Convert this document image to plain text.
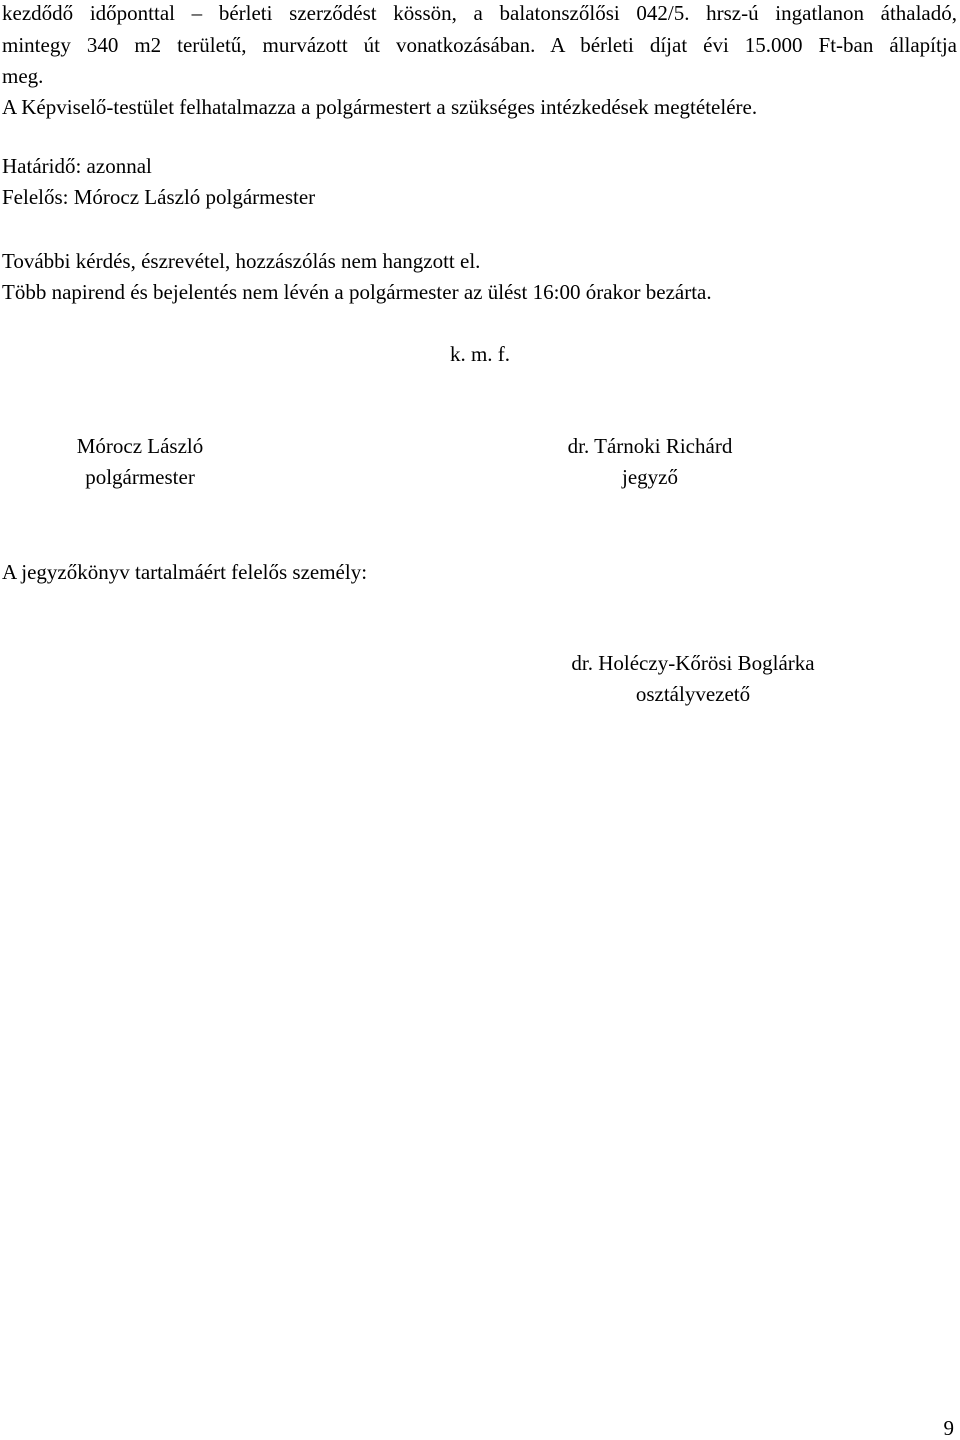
kezdődő időponttal – bérleti szerződést kössön, a balatonszőlősi 042/5. hrsz-ú ingatlanon áthaladó,
mintegy 340 m2 területű, murvázott út vonatkozásában. A bérleti díjat évi 15.000 Ft-ban állapítja
meg.
A Képviselő-testület felhatalmazza a polgármestert a szükséges intézkedések megtételére.
Határidő: azonnal
Felelős: Mórocz László polgármester
További kérdés, észrevétel, hozzászólás nem hangzott el.
Több napirend és bejelentés nem lévén a polgármester az ülést 16:00 órakor bezárta.
k. m. f.
Mórocz László
polgármester
dr. Tárnoki Richárd
jegyző
A jegyzőkönyv tartalmáért felelős személy:
dr. Holéczy-Kőrösi Boglárka
osztályvezető
9
